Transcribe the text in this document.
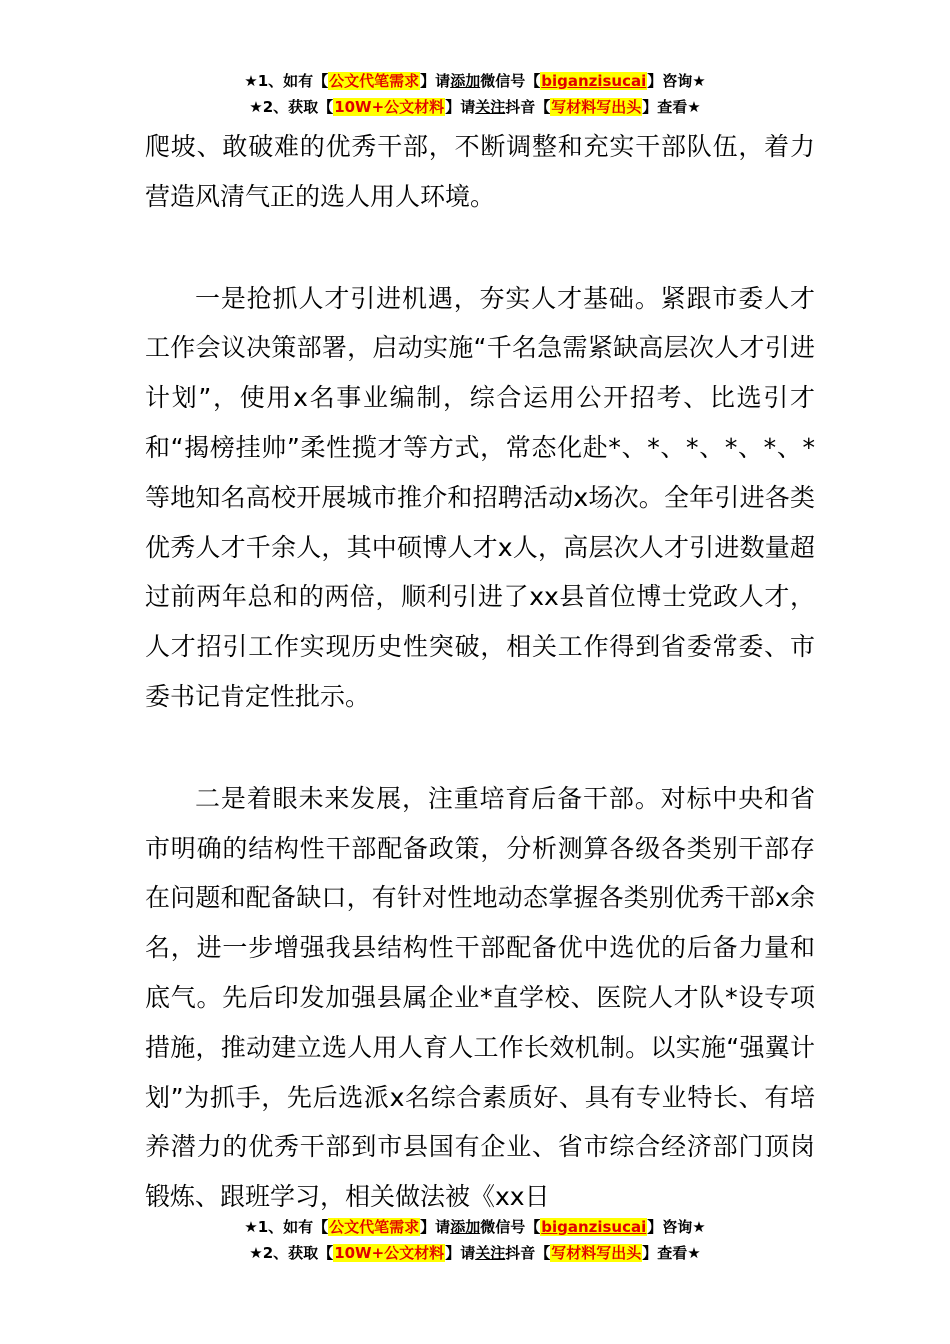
★1、如有【公文代笔需求】请添加微信号【biganzisucai】咨询★
★2、获取【10W+公文材料】请关注抖音【写材料写出头】查看★

爬坡、敢破难的优秀干部，不断调整和充实干部队伍，着力营造风清气正的选人用人环境。

一是抢抓人才引进机遇，夯实人才基础。紧跟市委人才工作会议决策部署，启动实施“千名急需紧缺高层次人才引进计划”，使用x名事业编制，综合运用公开招考、比选引才和“揭榜挂帅”柔性揽才等方式，常态化赴*、*、*、*、*、*等地知名高校开展城市推介和招聘活动x场次。全年引进各类优秀人才千余人，其中硕博人才x人，高层次人才引进数量超过前两年总和的两倍，顺利引进了xx县首位博士党政人才，人才招引工作实现历史性突破，相关工作得到省委常委、市委书记肯定性批示。

二是着眼未来发展，注重培育后备干部。对标中央和省市明确的结构性干部配备政策，分析测算各级各类别干部存在问题和配备缺口，有针对性地动态掌握各类别优秀干部x余名，进一步增强我县结构性干部配备优中选优的后备力量和底气。先后印发加强县属企业*直学校、医院人才队*设专项措施，推动建立选人用人育人工作长效机制。以实施“强翼计划”为抓手，先后选派x名综合素质好、具有专业特长、有培养潜力的优秀干部到市县国有企业、省市综合经济部门顶岗锻炼、跟班学习，相关做法被《xx日

★1、如有【公文代笔需求】请添加微信号【biganzisucai】咨询★
★2、获取【10W+公文材料】请关注抖音【写材料写出头】查看★
